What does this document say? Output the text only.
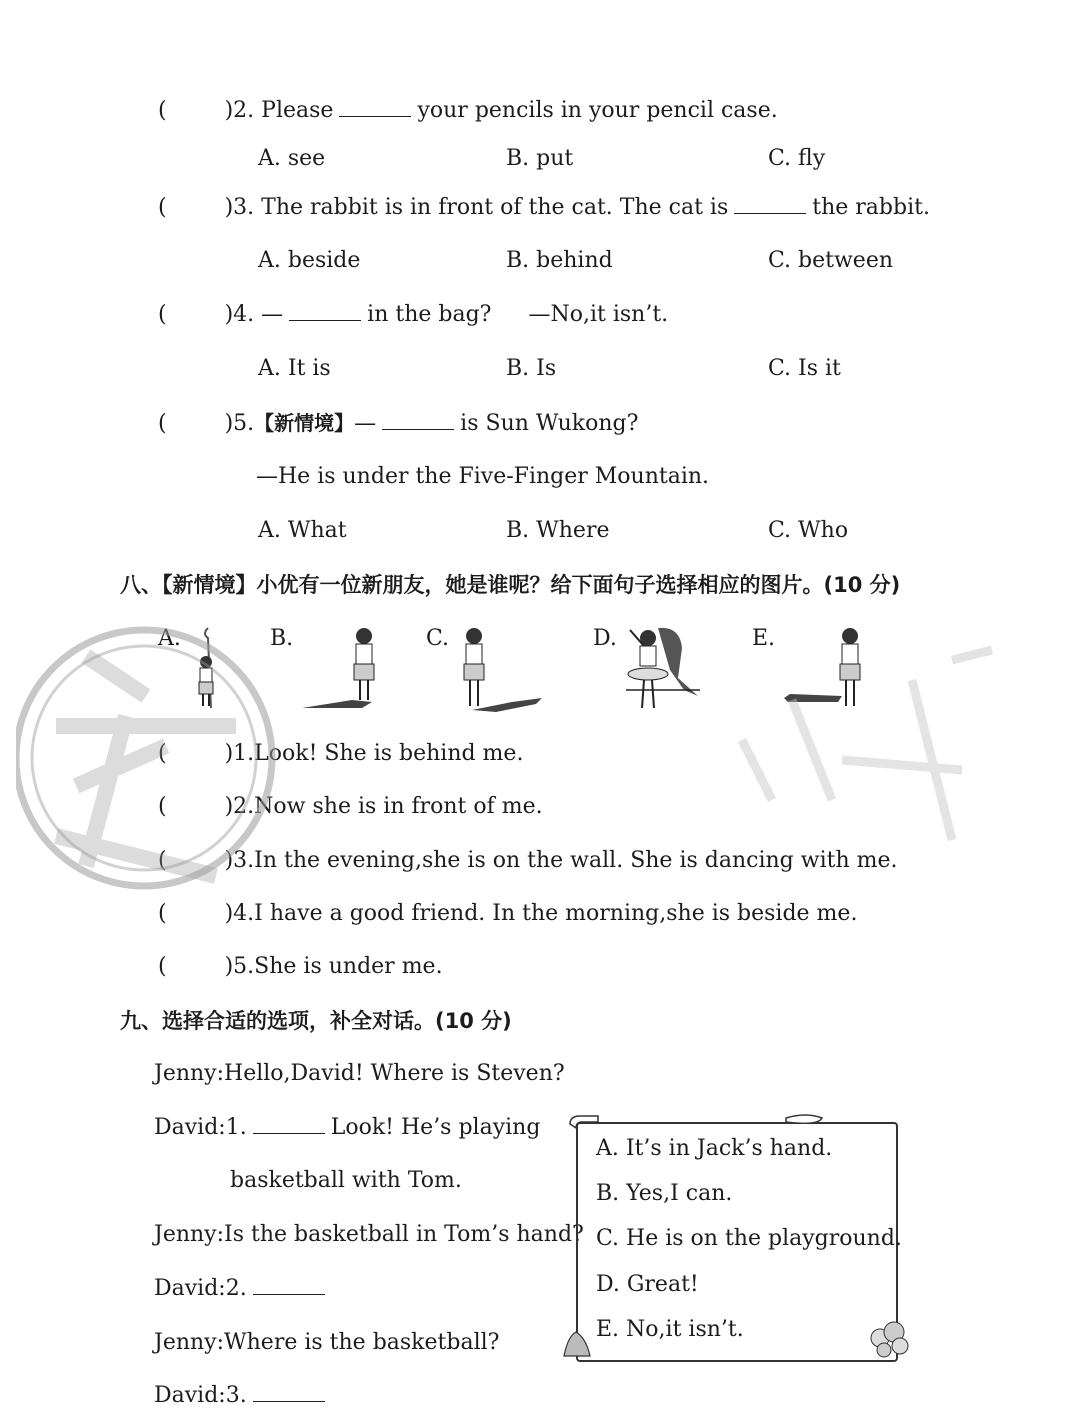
(	)2. Please	your pencils in your pencil case.
A. see	B. put	C. fly
(	)3. The rabbit is in front of the cat. The cat is	the rabbit.
A. beside	B. behind	C. between
(	)4. —	in the bag? —No,it isn’t.
A. It is	B. Is	C. Is it
(	)5.【新情境】—	is Sun Wukong?
—He is under the Five-Finger Mountain.
A. What	B. Where	C. Who
八、【新情境】小优有一位新朋友，她是谁呢？给下面句子选择相应的图片。(10 分)
A.	B.	C.	D.	E.
(	)1.Look! She is behind me.
(	)2.Now she is in front of me.
(	)3.In the evening,she is on the wall. She is dancing with me.
(	)4.I have a good friend. In the morning,she is beside me.
(	)5.She is under me.
九、选择合适的选项，补全对话。(10 分)
Jenny:Hello,David! Where is Steven?
David:1.	Look! He’s playing
basketball with Tom.
Jenny:Is the basketball in Tom’s hand?
David:2.
Jenny:Where is the basketball?
David:3.
A. It’s in Jack’s hand.
B. Yes,I can.
C. He is on the playground.
D. Great!
E. No,it isn’t.
